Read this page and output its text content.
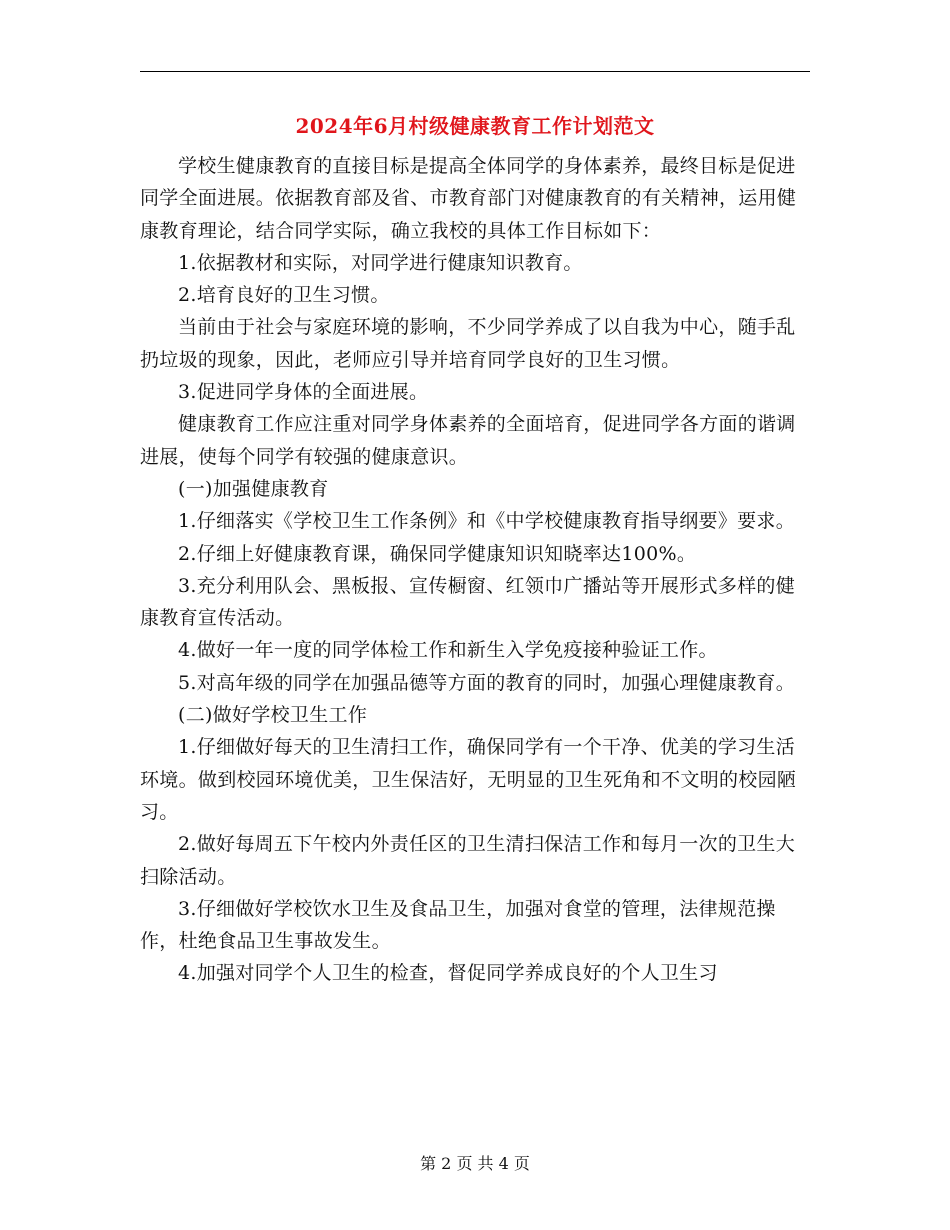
2024年6月村级健康教育工作计划范文

学校生健康教育的直接目标是提高全体同学的身体素养，最终目标是促进同学全面进展。依据教育部及省、市教育部门对健康教育的有关精神，运用健康教育理论，结合同学实际，确立我校的具体工作目标如下：

1.依据教材和实际，对同学进行健康知识教育。

2.培育良好的卫生习惯。

当前由于社会与家庭环境的影响，不少同学养成了以自我为中心，随手乱扔垃圾的现象，因此，老师应引导并培育同学良好的卫生习惯。

3.促进同学身体的全面进展。

健康教育工作应注重对同学身体素养的全面培育，促进同学各方面的谐调进展，使每个同学有较强的健康意识。

(一)加强健康教育

1.仔细落实《学校卫生工作条例》和《中学校健康教育指导纲要》要求。

2.仔细上好健康教育课，确保同学健康知识知晓率达100%。

3.充分利用队会、黑板报、宣传橱窗、红领巾广播站等开展形式多样的健康教育宣传活动。

4.做好一年一度的同学体检工作和新生入学免疫接种验证工作。

5.对高年级的同学在加强品德等方面的教育的同时，加强心理健康教育。

(二)做好学校卫生工作

1.仔细做好每天的卫生清扫工作，确保同学有一个干净、优美的学习生活环境。做到校园环境优美，卫生保洁好，无明显的卫生死角和不文明的校园陋习。

2.做好每周五下午校内外责任区的卫生清扫保洁工作和每月一次的卫生大扫除活动。

3.仔细做好学校饮水卫生及食品卫生，加强对食堂的管理，法律规范操作，杜绝食品卫生事故发生。

4.加强对同学个人卫生的检查，督促同学养成良好的个人卫生习

第 2 页 共 4 页
